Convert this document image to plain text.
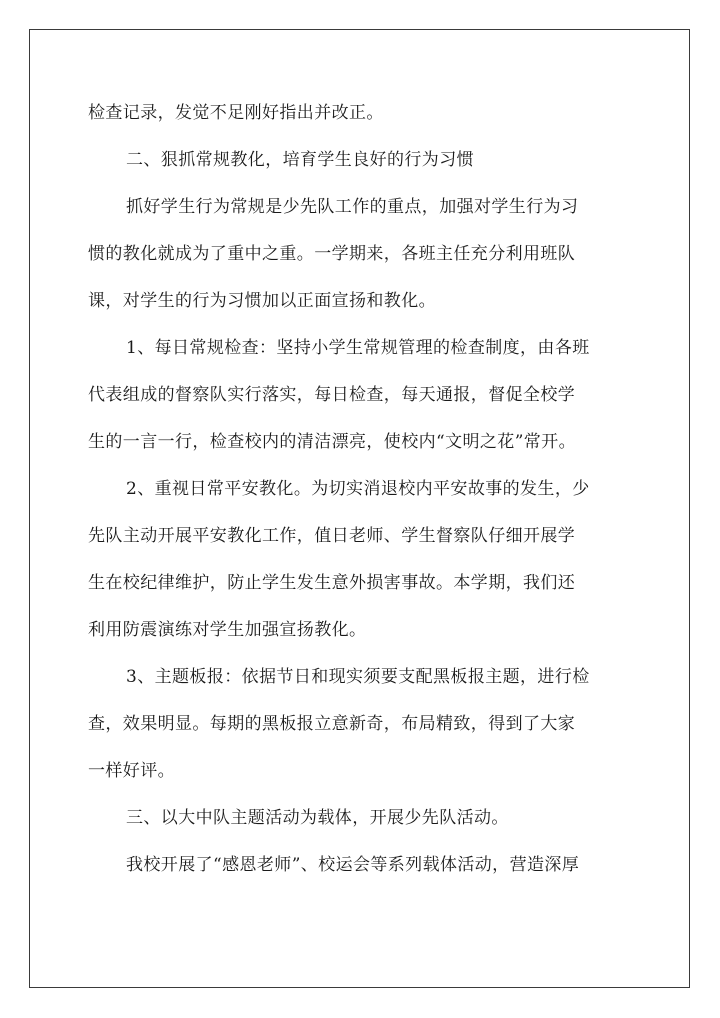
检查记录，发觉不足刚好指出并改正。
二、狠抓常规教化，培育学生良好的行为习惯
抓好学生行为常规是少先队工作的重点，加强对学生行为习
惯的教化就成为了重中之重。一学期来，各班主任充分利用班队
课，对学生的行为习惯加以正面宣扬和教化。
1、每日常规检查：坚持小学生常规管理的检查制度，由各班
代表组成的督察队实行落实，每日检查，每天通报，督促全校学
生的一言一行，检查校内的清洁漂亮，使校内“文明之花”常开。
2、重视日常平安教化。为切实消退校内平安故事的发生，少
先队主动开展平安教化工作，值日老师、学生督察队仔细开展学
生在校纪律维护，防止学生发生意外损害事故。本学期，我们还
利用防震演练对学生加强宣扬教化。
3、主题板报：依据节日和现实须要支配黑板报主题，进行检
查，效果明显。每期的黑板报立意新奇，布局精致，得到了大家
一样好评。
三、以大中队主题活动为载体，开展少先队活动。
我校开展了“感恩老师”、校运会等系列载体活动，营造深厚
